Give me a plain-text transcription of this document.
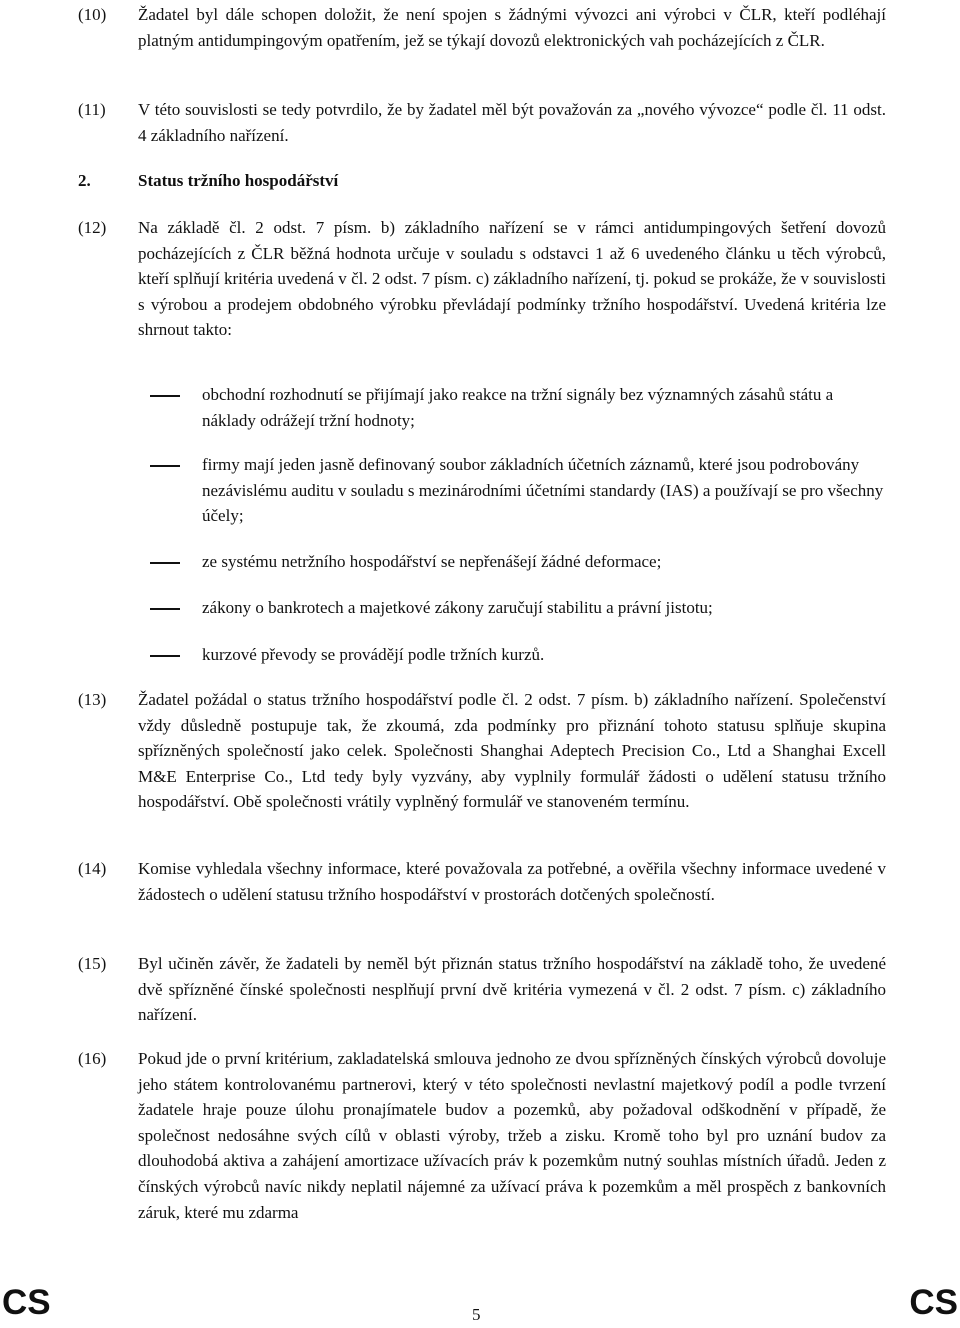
(10)	Žadatel byl dále schopen doložit, že není spojen s žádnými vývozci ani výrobci v ČLR, kteří podléhají platným antidumpingovým opatřením, jež se týkají dovozů elektronických vah pocházejících z ČLR.
(11)	V této souvislosti se tedy potvrdilo, že by žadatel měl být považován za „nového vývozce“ podle čl. 11 odst. 4 základního nařízení.
2.	Status tržního hospodářství
(12)	Na základě čl. 2 odst. 7 písm. b) základního nařízení se v rámci antidumpingových šetření dovozů pocházejících z ČLR běžná hodnota určuje v souladu s odstavci 1 až 6 uvedeného článku u těch výrobců, kteří splňují kritéria uvedená v čl. 2 odst. 7 písm. c) základního nařízení, tj. pokud se prokáže, že v souvislosti s výrobou a prodejem obdobného výrobku převládají podmínky tržního hospodářství. Uvedená kritéria lze shrnout takto:
obchodní rozhodnutí se přijímají jako reakce na tržní signály bez významných zásahů státu a náklady odrážejí tržní hodnoty;
firmy mají jeden jasně definovaný soubor základních účetních záznamů, které jsou podrobovány nezávislému auditu v souladu s mezinárodními účetními standardy (IAS) a používají se pro všechny účely;
ze systému netržního hospodářství se nepřenášejí žádné deformace;
zákony o bankrotech a majetkové zákony zaručují stabilitu a právní jistotu;
kurzové převody se provádějí podle tržních kurzů.
(13)	Žadatel požádal o status tržního hospodářství podle čl. 2 odst. 7 písm. b) základního nařízení. Společenství vždy důsledně postupuje tak, že zkoumá, zda podmínky pro přiznání tohoto statusu splňuje skupina spřízněných společností jako celek. Společnosti Shanghai Adeptech Precision Co., Ltd a Shanghai Excell M&E Enterprise Co., Ltd tedy byly vyzvány, aby vyplnily formulář žádosti o udělení statusu tržního hospodářství. Obě společnosti vrátily vyplněný formulář ve stanoveném termínu.
(14)	Komise vyhledala všechny informace, které považovala za potřebné, a ověřila všechny informace uvedené v žádostech o udělení statusu tržního hospodářství v prostorách dotčených společností.
(15)	Byl učiněn závěr, že žadateli by neměl být přiznán status tržního hospodářství na základě toho, že uvedené dvě spřízněné čínské společnosti nesplňují první dvě kritéria vymezená v čl. 2 odst. 7 písm. c) základního nařízení.
(16)	Pokud jde o první kritérium, zakladatelská smlouva jednoho ze dvou spřízněných čínských výrobců dovoluje jeho státem kontrolovanému partnerovi, který v této společnosti nevlastní majetkový podíl a podle tvrzení žadatele hraje pouze úlohu pronajímatele budov a pozemků, aby požadoval odškodnění v případě, že společnost nedosáhne svých cílů v oblasti výroby, tržeb a zisku. Kromě toho byl pro uznání budov za dlouhodobá aktiva a zahájení amortizace užívacích práv k pozemkům nutný souhlas místních úřadů. Jeden z čínských výrobců navíc nikdy neplatil nájemné za užívací práva k pozemkům a měl prospěch z bankovních záruk, které mu zdarma
CS	5	CS
